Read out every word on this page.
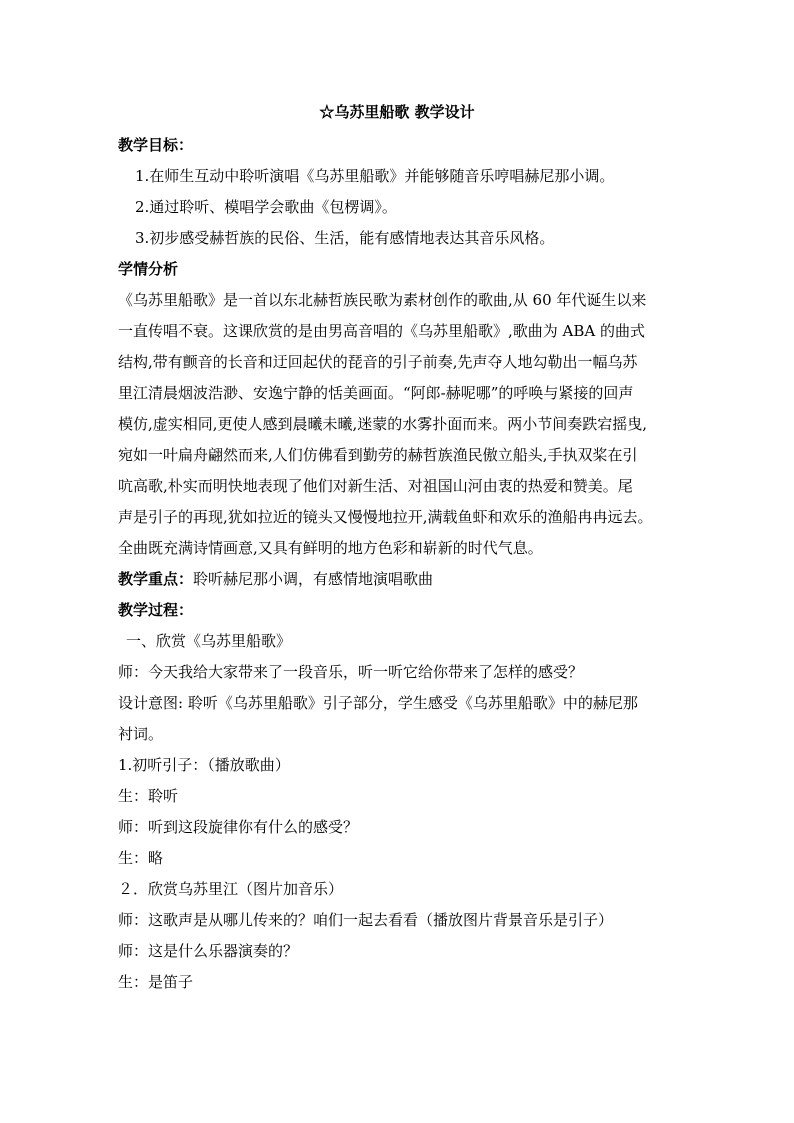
☆乌苏里船歌 教学设计
教学目标：
1.在师生互动中聆听演唱《乌苏里船歌》并能够随音乐哼唱赫尼那小调。
2.通过聆听、模唱学会歌曲《包楞调》。
3.初步感受赫哲族的民俗、生活，能有感情地表达其音乐风格。
学情分析
《乌苏里船歌》是一首以东北赫哲族民歌为素材创作的歌曲,从 60 年代诞生以来
一直传唱不衰。这课欣赏的是由男高音唱的《乌苏里船歌》,歌曲为 ABA 的曲式
结构,带有颤音的长音和迂回起伏的琵音的引子前奏,先声夺人地勾勒出一幅乌苏
里江清晨烟波浩渺、安逸宁静的恬美画面。“阿郎-赫呢哪”的呼唤与紧接的回声
模仿,虚实相同,更使人感到晨曦未曦,迷蒙的水雾扑面而来。两小节间奏跌宕摇曳,
宛如一叶扁舟翩然而来,人们仿佛看到勤劳的赫哲族渔民傲立船头,手执双桨在引
吭高歌,朴实而明快地表现了他们对新生活、对祖国山河由衷的热爱和赞美。尾
声是引子的再现,犹如拉近的镜头又慢慢地拉开,满载鱼虾和欢乐的渔船冉冉远去。
全曲既充满诗情画意,又具有鲜明的地方色彩和崭新的时代气息。
教学重点：聆听赫尼那小调，有感情地演唱歌曲
教学过程：
一、欣赏《乌苏里船歌》
师：今天我给大家带来了一段音乐，听一听它给你带来了怎样的感受？
设计意图: 聆听《乌苏里船歌》引子部分，学生感受《乌苏里船歌》中的赫尼那
衬词。
1.初听引子：（播放歌曲）
生：聆听
师：听到这段旋律你有什么的感受？
生：略
２．欣赏乌苏里江（图片加音乐）
师：这歌声是从哪儿传来的？咱们一起去看看（播放图片背景音乐是引子）
师：这是什么乐器演奏的？
生：是笛子
